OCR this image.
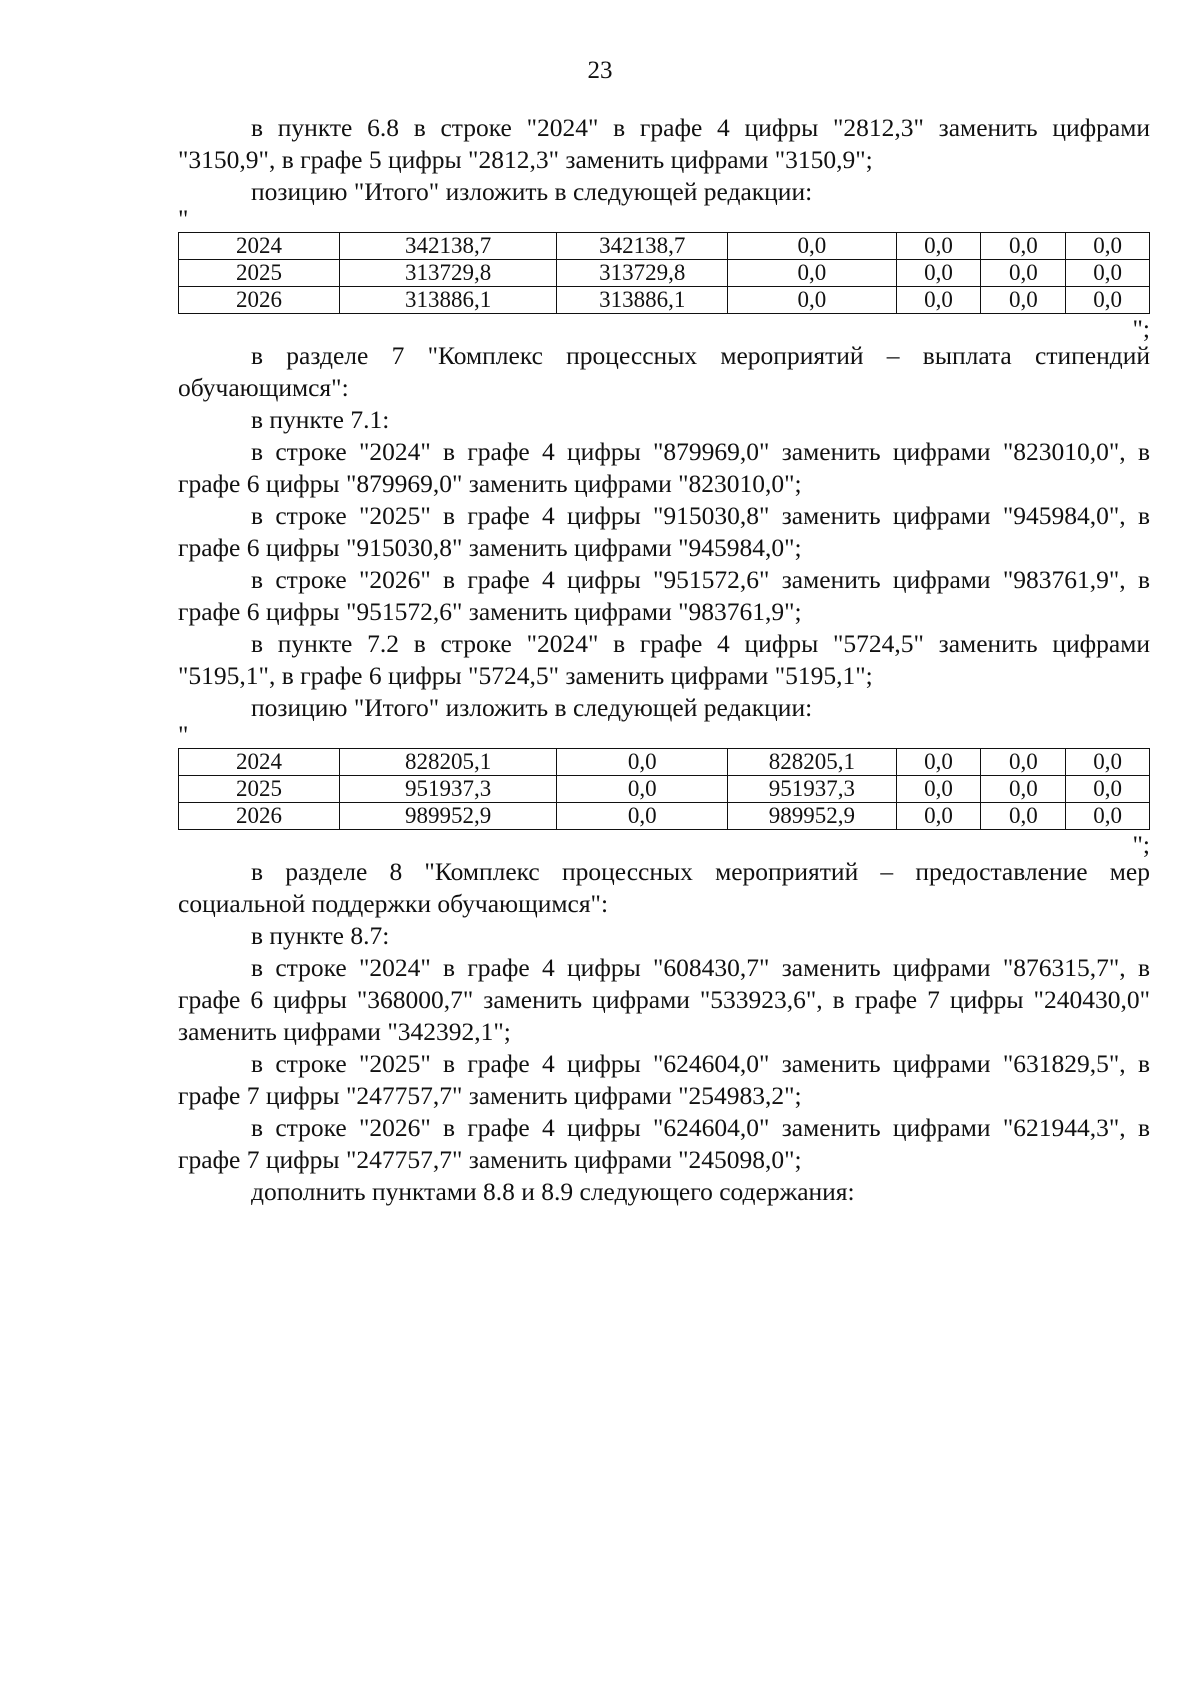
23

в пункте 6.8 в строке "2024" в графе 4 цифры "2812,3" заменить цифрами "3150,9", в графе 5 цифры "2812,3" заменить цифрами "3150,9";

позицию "Итого" изложить в следующей редакции:

"

2024	342138,7	342138,7	0,0	0,0	0,0	0,0
2025	313729,8	313729,8	0,0	0,0	0,0	0,0
2026	313886,1	313886,1	0,0	0,0	0,0	0,0

";

в разделе 7 "Комплекс процессных мероприятий – выплата стипендий обучающимся":

в пункте 7.1:

в строке "2024" в графе 4 цифры "879969,0" заменить цифрами "823010,0", в графе 6 цифры "879969,0" заменить цифрами "823010,0";

в строке "2025" в графе 4 цифры "915030,8" заменить цифрами "945984,0", в графе 6 цифры "915030,8" заменить цифрами "945984,0";

в строке "2026" в графе 4 цифры "951572,6" заменить цифрами "983761,9", в графе 6 цифры "951572,6" заменить цифрами "983761,9";

в пункте 7.2 в строке "2024" в графе 4 цифры "5724,5" заменить цифрами "5195,1", в графе 6 цифры "5724,5" заменить цифрами "5195,1";

позицию "Итого" изложить в следующей редакции:

"

2024	828205,1	0,0	828205,1	0,0	0,0	0,0
2025	951937,3	0,0	951937,3	0,0	0,0	0,0
2026	989952,9	0,0	989952,9	0,0	0,0	0,0

";

в разделе 8 "Комплекс процессных мероприятий – предоставление мер социальной поддержки обучающимся":

в пункте 8.7:

в строке "2024" в графе 4 цифры "608430,7" заменить цифрами "876315,7", в графе 6 цифры "368000,7" заменить цифрами "533923,6", в графе 7 цифры "240430,0" заменить цифрами "342392,1";

в строке "2025" в графе 4 цифры "624604,0" заменить цифрами "631829,5", в графе 7 цифры "247757,7" заменить цифрами "254983,2";

в строке "2026" в графе 4 цифры "624604,0" заменить цифрами "621944,3", в графе 7 цифры "247757,7" заменить цифрами "245098,0";

дополнить пунктами 8.8 и 8.9 следующего содержания:
